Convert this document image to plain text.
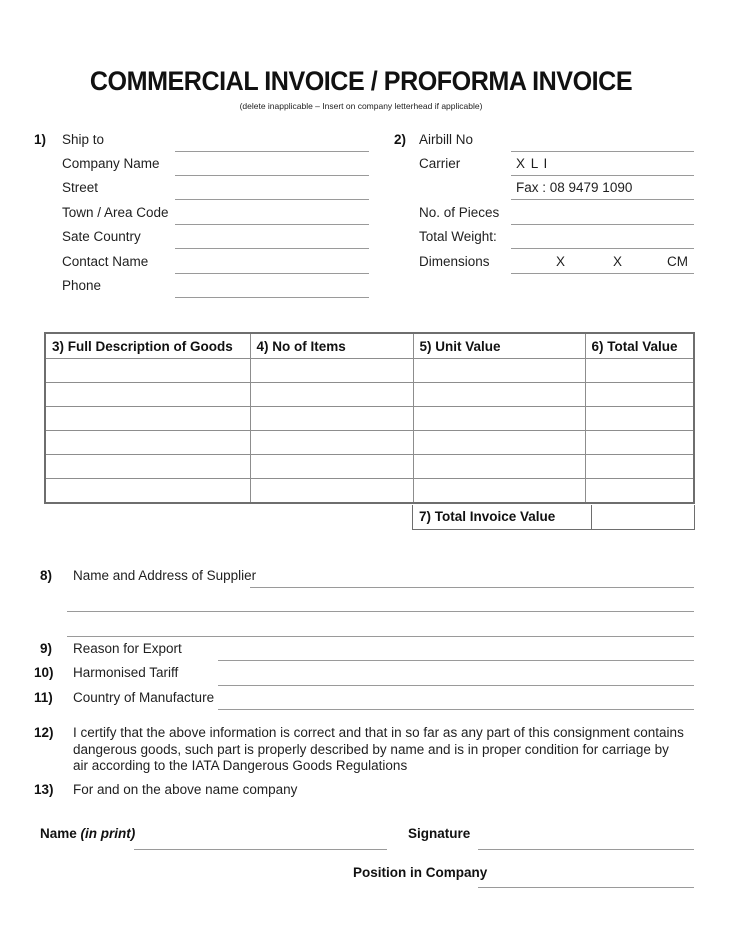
COMMERCIAL INVOICE / PROFORMA INVOICE
(delete inapplicable – Insert on company letterhead if applicable)
1) Ship to
Company Name
Street
Town / Area Code
Sate Country
Contact Name
Phone
2) Airbill No
Carrier	X L I
Fax : 08 9479 1090
No. of Pieces
Total Weight:
Dimensions	X	X	CM
3) Full Description of Goods	4) No of Items	5) Unit Value	6) Total Value

7) Total Invoice Value
8) Name and Address of Supplier
9) Reason for Export
10) Harmonised Tariff
11) Country of Manufacture
12) I certify that the above information is correct and that in so far as any part of this consignment contains dangerous goods, such part is properly described by name and is in proper condition for carriage by air according to the IATA Dangerous Goods Regulations
13) For and on the above name company
Name (in print)	Signature
Position in Company
